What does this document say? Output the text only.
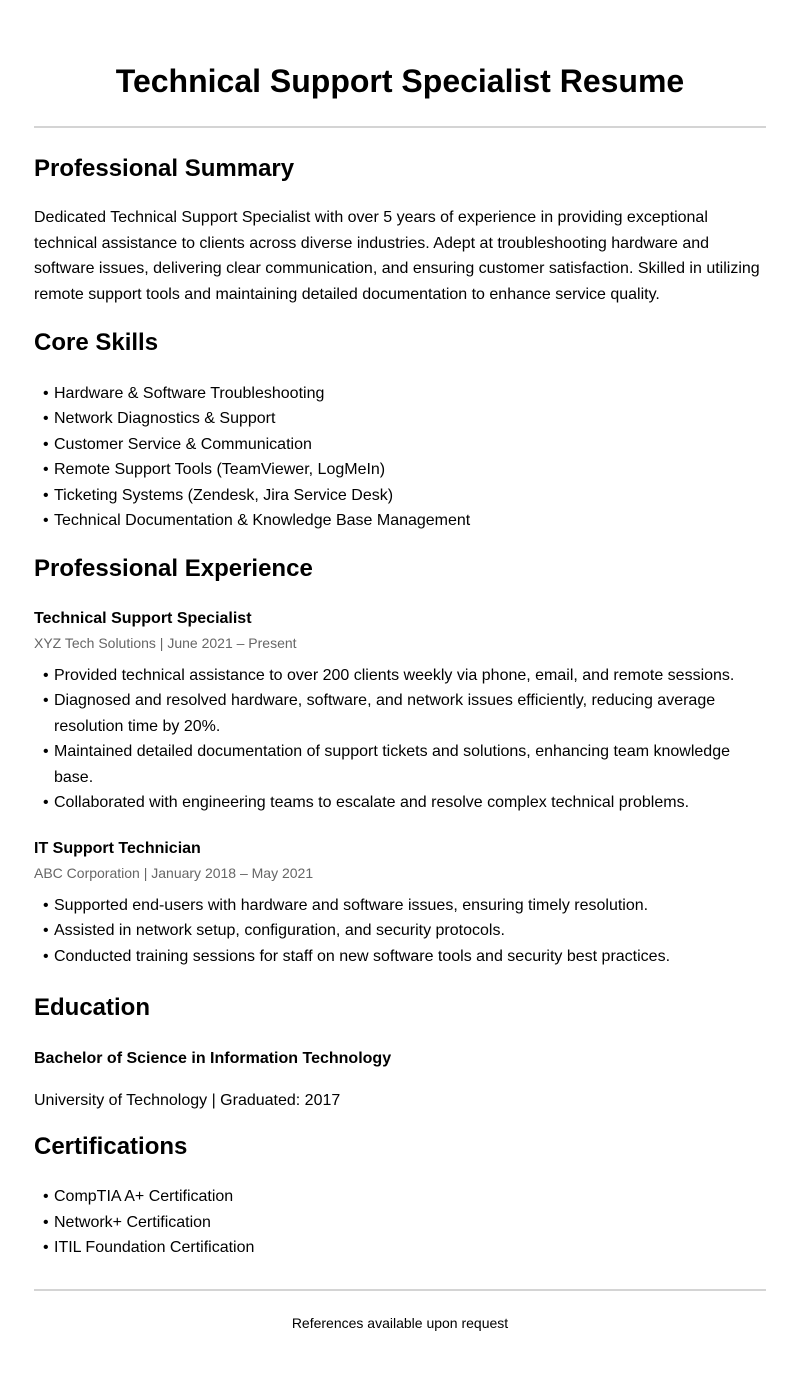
Technical Support Specialist Resume
Professional Summary

Dedicated Technical Support Specialist with over 5 years of experience in providing exceptional technical assistance to clients across diverse industries. Adept at troubleshooting hardware and software issues, delivering clear communication, and ensuring customer satisfaction. Skilled in utilizing remote support tools and maintaining detailed documentation to enhance service quality.

Core Skills
• Hardware & Software Troubleshooting
• Network Diagnostics & Support
• Customer Service & Communication
• Remote Support Tools (TeamViewer, LogMeIn)
• Ticketing Systems (Zendesk, Jira Service Desk)
• Technical Documentation & Knowledge Base Management
Professional Experience

Technical Support Specialist

XYZ Tech Solutions | June 2021 – Present

• Provided technical assistance to over 200 clients weekly via phone, email, and remote sessions.
• Diagnosed and resolved hardware, software, and network issues efficiently, reducing average resolution time by 20%.
• Maintained detailed documentation of support tickets and solutions, enhancing team knowledge base.
• Collaborated with engineering teams to escalate and resolve complex technical problems.

IT Support Technician

ABC Corporation | January 2018 – May 2021

• Supported end-users with hardware and software issues, ensuring timely resolution.
• Assisted in network setup, configuration, and security protocols.
• Conducted training sessions for staff on new software tools and security best practices.
Education

Bachelor of Science in Information Technology

University of Technology | Graduated: 2017

Certifications
• CompTIA A+ Certification
• Network+ Certification
• ITIL Foundation Certification

References available upon request
